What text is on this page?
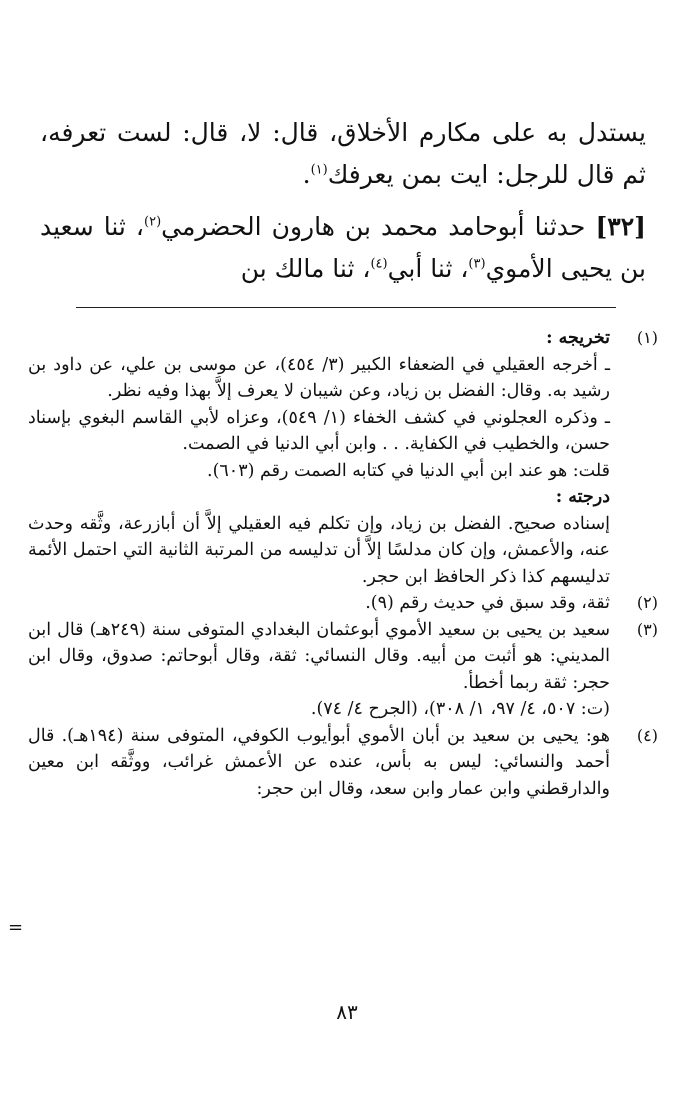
يستدل به على مكارم الأخلاق، قال: لا، قال: لست تعرفه، ثم قال للرجل: ايت بمن يعرفك$^{(١)}$.

[٣٢] حدثنا أبوحامد محمد بن هارون الحضرمي$^{(٢)}$، ثنا سعيد بن يحيى الأموي$^{(٣)}$، ثنا أبي$^{(٤)}$، ثنا مالك بن

(١)

تخريجه :

ـ أخرجه العقيلي في الضعفاء الكبير (٣/ ٤٥٤)، عن موسى بن علي، عن داود بن رشيد به. وقال: الفضل بن زياد، وعن شيبان لا يعرف إلاَّ بهذا وفيه نظر.

ـ وذكره العجلوني في كشف الخفاء (١/ ٥٤٩)، وعزاه لأبي القاسم البغوي بإسناد حسن، والخطيب في الكفاية. . . وابن أبي الدنيا في الصمت.

قلت: هو عند ابن أبي الدنيا في كتابه الصمت رقم (٦٠٣).

درجته :

إسناده صحيح. الفضل بن زياد، وإن تكلم فيه العقيلي إلاَّ أن أبازرعة، وثَّقه وحدث عنه، والأعمش، وإن كان مدلسًا إلاَّ أن تدليسه من المرتبة الثانية التي احتمل الأئمة تدليسهم كذا ذكر الحافظ ابن حجر.

(٢)

ثقة، وقد سبق في حديث رقم (٩).

(٣)

سعيد بن يحيى بن سعيد الأموي أبوعثمان البغدادي المتوفى سنة (٢٤٩هـ) قال ابن المديني: هو أثبت من أبيه. وقال النسائي: ثقة، وقال أبوحاتم: صدوق، وقال ابن حجر: ثقة ربما أخطأ.

(ت: ٥٠٧، ٤/ ٩٧، ١/ ٣٠٨)، (الجرح ٤/ ٧٤).

(٤)

هو: يحيى بن سعيد بن أبان الأموي أبوأيوب الكوفي، المتوفى سنة (١٩٤هـ). قال أحمد والنسائي: ليس به بأس، عنده عن الأعمش غرائب، ووثَّقه ابن معين والدارقطني وابن عمار وابن سعد، وقال ابن حجر:

=
٨٣
